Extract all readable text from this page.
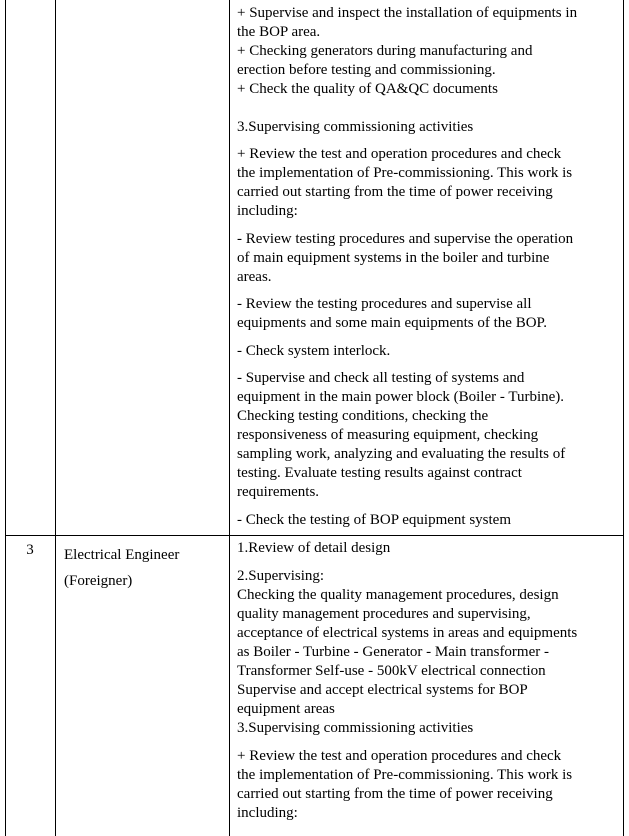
+ Supervise and inspect the installation of equipments in
the BOP area.
+ Checking generators during manufacturing and
erection before testing and commissioning.
+ Check the quality of QA&QC documents
3.Supervising commissioning activities
+ Review the test and operation procedures and check
the implementation of Pre-commissioning. This work is
carried out starting from the time of power receiving
including:
- Review testing procedures and supervise the operation
of main equipment systems in the boiler and turbine
areas.
- Review the testing procedures and supervise all
equipments and some main equipments of the BOP.
- Check system interlock.
- Supervise and check all testing of systems and
equipment in the main power block (Boiler - Turbine).
Checking testing conditions, checking the
responsiveness of measuring equipment, checking
sampling work, analyzing and evaluating the results of
testing. Evaluate testing results against contract
requirements.
- Check the testing of BOP equipment system
3	Electrical Engineer
(Foreigner)
1.Review of detail design
2.Supervising:
Checking the quality management procedures, design
quality management procedures and supervising,
acceptance of electrical systems in areas and equipments
as Boiler - Turbine - Generator - Main transformer -
Transformer Self-use - 500kV electrical connection
Supervise and accept electrical systems for BOP
equipment areas
3.Supervising commissioning activities
+ Review the test and operation procedures and check
the implementation of Pre-commissioning. This work is
carried out starting from the time of power receiving
including:
